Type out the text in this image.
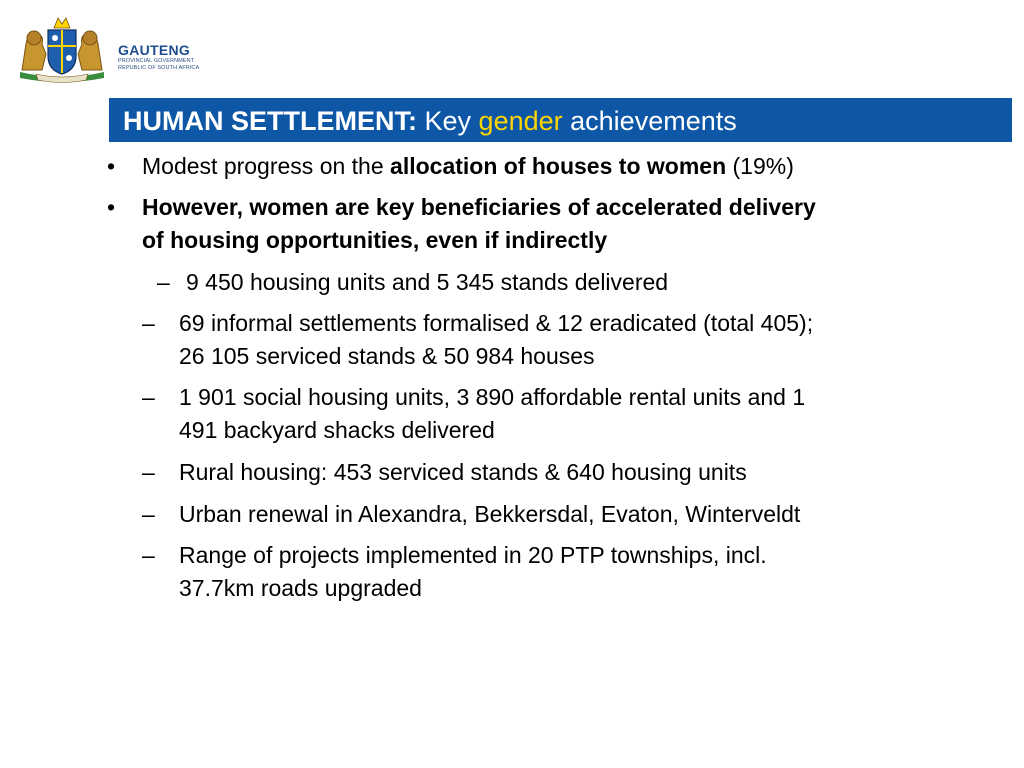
GAUTENG
PROVINCIAL GOVERNMENT
REPUBLIC OF SOUTH AFRICA
HUMAN SETTLEMENT: Key gender achievements
• Modest progress on the allocation of houses to women (19%)
• However, women are key beneficiaries of accelerated delivery
of housing opportunities, even if indirectly
– 9 450 housing units and 5 345 stands delivered
– 69 informal settlements formalised & 12 eradicated (total 405);
26 105 serviced stands & 50 984 houses
– 1 901 social housing units, 3 890 affordable rental units and 1
491 backyard shacks delivered
– Rural housing: 453 serviced stands & 640 housing units
– Urban renewal in Alexandra, Bekkersdal, Evaton, Winterveldt
– Range of projects implemented in 20 PTP townships, incl.
37.7km roads upgraded
